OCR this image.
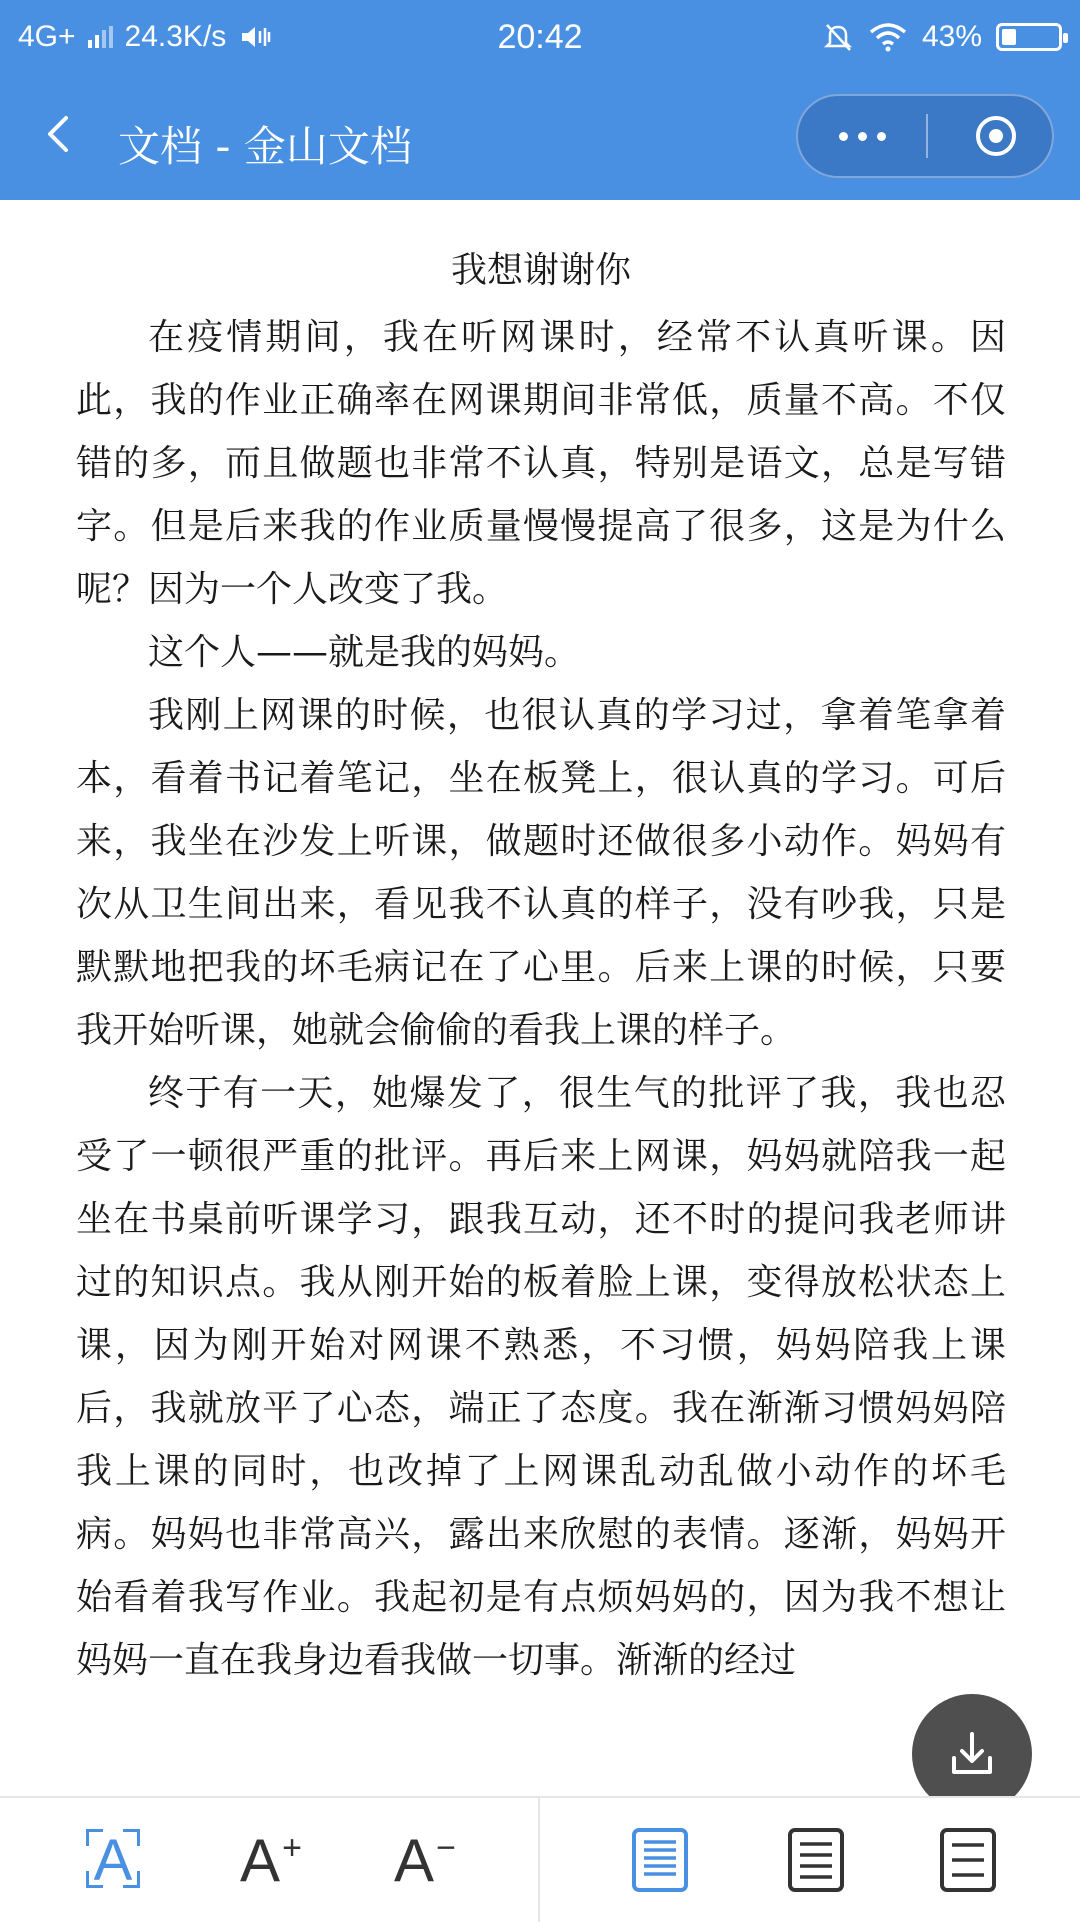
4G+ 24.3K/s	20:42	43%
文档 - 金山文档
我想谢谢你

在疫情期间，我在听网课时，经常不认真听课。因此，我的作业正确率在网课期间非常低，质量不高。不仅错的多，而且做题也非常不认真，特别是语文，总是写错字。但是后来我的作业质量慢慢提高了很多，这是为什么呢？因为一个人改变了我。

这个人——就是我的妈妈。

我刚上网课的时候，也很认真的学习过，拿着笔拿着本，看着书记着笔记，坐在板凳上，很认真的学习。可后来，我坐在沙发上听课，做题时还做很多小动作。妈妈有次从卫生间出来，看见我不认真的样子，没有吵我，只是默默地把我的坏毛病记在了心里。后来上课的时候，只要我开始听课，她就会偷偷的看我上课的样子。

终于有一天，她爆发了，很生气的批评了我，我也忍受了一顿很严重的批评。再后来上网课，妈妈就陪我一起坐在书桌前听课学习，跟我互动，还不时的提问我老师讲过的知识点。我从刚开始的板着脸上课，变得放松状态上课，因为刚开始对网课不熟悉，不习惯，妈妈陪我上课后，我就放平了心态，端正了态度。我在渐渐习惯妈妈陪我上课的同时，也改掉了上网课乱动乱做小动作的坏毛病。妈妈也非常高兴，露出来欣慰的表情。逐渐，妈妈开始看着我写作业。我起初是有点烦妈妈的，因为我不想让妈妈一直在我身边看我做一切事。渐渐的经过

A A+ A−
